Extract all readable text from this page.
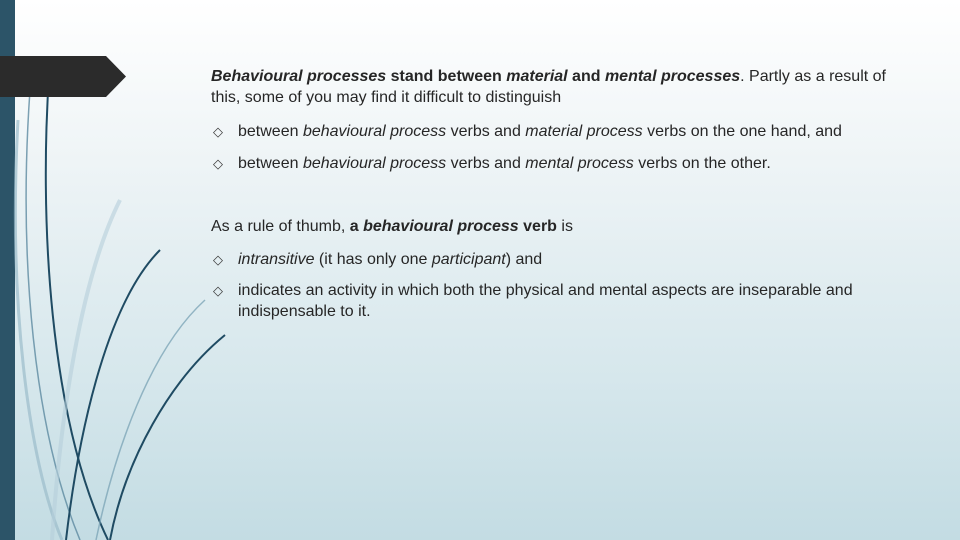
Behavioural processes stand between material and mental processes. Partly as a result of this, some of you may find it difficult to distinguish

◇ between behavioural process verbs and material process verbs on the one hand, and

◇ between behavioural process verbs and mental process verbs on the other.

As a rule of thumb, a behavioural process verb is

◇ intransitive (it has only one participant) and

◇ indicates an activity in which both the physical and mental aspects are inseparable and indispensable to it.
